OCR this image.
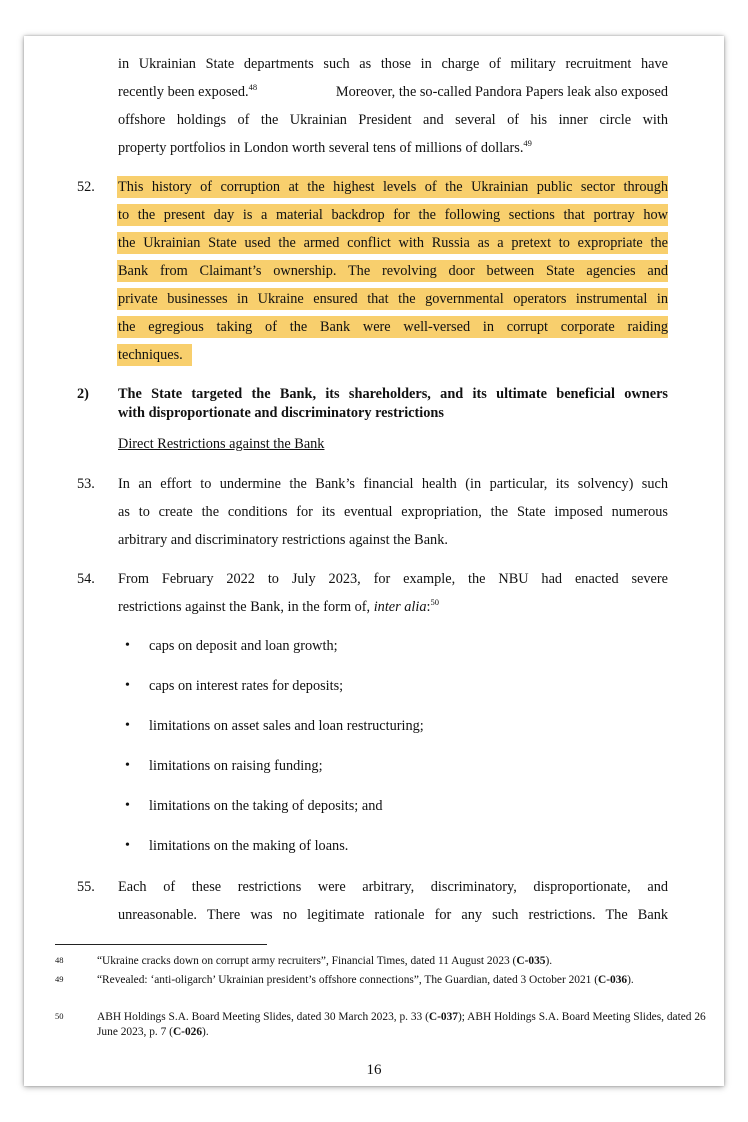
in Ukrainian State departments such as those in charge of military recruitment have
recently been exposed.$^{48}$	Moreover, the so-called Pandora Papers leak also exposed
offshore holdings of the Ukrainian President and several of his inner circle with
property portfolios in London worth several tens of millions of dollars.$^{49}$
52. This history of corruption at the highest levels of the Ukrainian public sector through
to the present day is a material backdrop for the following sections that portray how
the Ukrainian State used the armed conflict with Russia as a pretext to expropriate the
Bank from Claimant’s ownership. The revolving door between State agencies and
private businesses in Ukraine ensured that the governmental operators instrumental in
the egregious taking of the Bank were well-versed in corrupt corporate raiding
techniques.
2) The State targeted the Bank, its shareholders, and its ultimate beneficial owners
with disproportionate and discriminatory restrictions
Direct Restrictions against the Bank
53. In an effort to undermine the Bank’s financial health (in particular, its solvency) such
as to create the conditions for its eventual expropriation, the State imposed numerous
arbitrary and discriminatory restrictions against the Bank.
54. From February 2022 to July 2023, for example, the NBU had enacted severe
restrictions against the Bank, in the form of, inter alia:$^{50}$
• caps on deposit and loan growth;
• caps on interest rates for deposits;
• limitations on asset sales and loan restructuring;
• limitations on raising funding;
• limitations on the taking of deposits; and
• limitations on the making of loans.
55. Each of these restrictions were arbitrary, discriminatory, disproportionate, and
unreasonable. There was no legitimate rationale for any such restrictions. The Bank
48	“Ukraine cracks down on corrupt army recruiters”, Financial Times, dated 11 August 2023 (C-035).
49	“Revealed: ‘anti-oligarch’ Ukrainian president’s offshore connections”, The Guardian, dated 3 October 2021 (C-036).
50	ABH Holdings S.A. Board Meeting Slides, dated 30 March 2023, p. 33 (C-037); ABH Holdings S.A. Board Meeting Slides, dated 26 June 2023, p. 7 (C-026).
16
